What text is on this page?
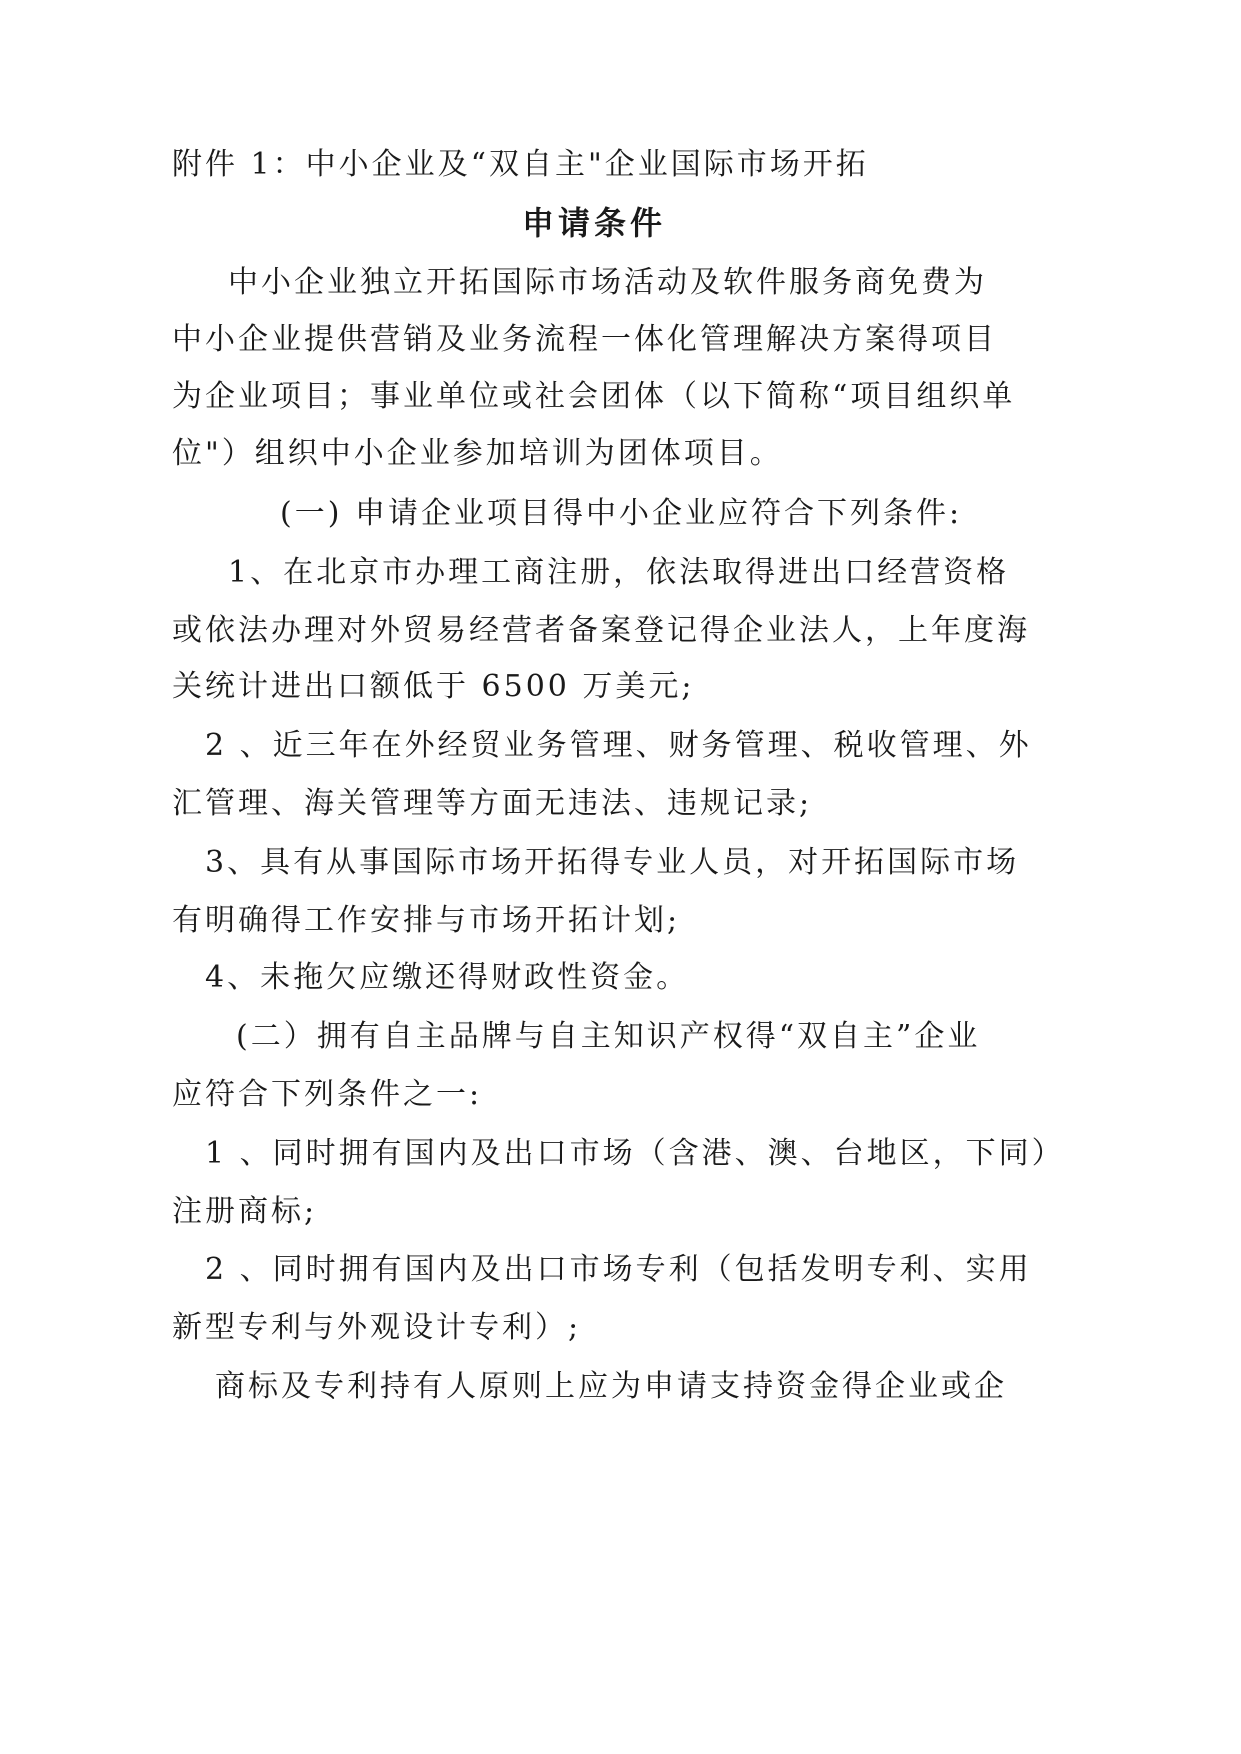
附件 1：中小企业及“双自主"企业国际市场开拓
申请条件
中小企业独立开拓国际市场活动及软件服务商免费为
中小企业提供营销及业务流程一体化管理解决方案得项目
为企业项目；事业单位或社会团体（以下简称“项目组织单
位"）组织中小企业参加培训为团体项目。
(一) 申请企业项目得中小企业应符合下列条件:
1、在北京市办理工商注册，依法取得进出口经营资格
或依法办理对外贸易经营者备案登记得企业法人，上年度海
关统计进出口额低于 6500 万美元;
2 、近三年在外经贸业务管理、财务管理、税收管理、外
汇管理、海关管理等方面无违法、违规记录;
3、具有从事国际市场开拓得专业人员，对开拓国际市场
有明确得工作安排与市场开拓计划;
4、未拖欠应缴还得财政性资金。
(二）拥有自主品牌与自主知识产权得“双自主”企业
应符合下列条件之一:
1 、同时拥有国内及出口市场（含港、澳、台地区，下同）
注册商标;
2 、同时拥有国内及出口市场专利（包括发明专利、实用
新型专利与外观设计专利）;
商标及专利持有人原则上应为申请支持资金得企业或企
